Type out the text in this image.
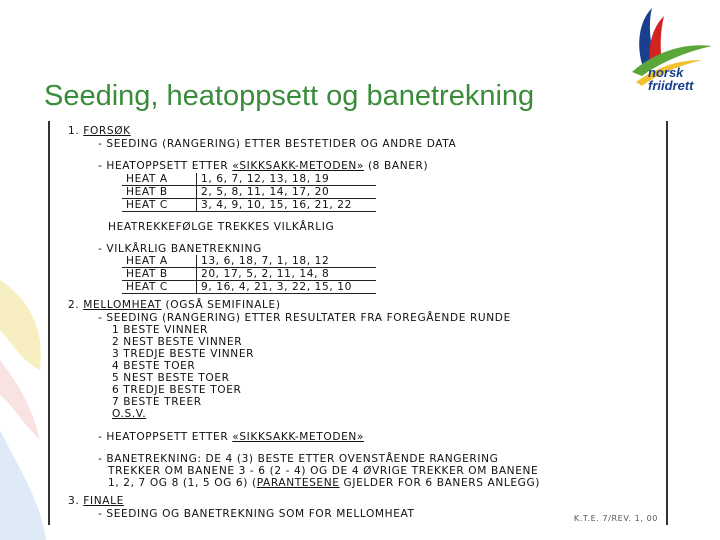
Seeding, heatoppsett og banetrekning
norsk
friidrett
1. FORSØK
- SEEDING (RANGERING) ETTER BESTETIDER OG ANDRE DATA
- HEATOPPSETT ETTER «SIKKSAKK-METODEN» (8 BANER)
HEAT A	1, 6, 7, 12, 13, 18, 19
HEAT B	2, 5, 8, 11, 14, 17, 20
HEAT C	3, 4, 9, 10, 15, 16, 21, 22
HEATREKKEFØLGE TREKKES VILKÅRLIG
- VILKÅRLIG BANETREKNING
HEAT A	13, 6, 18, 7, 1, 18, 12
HEAT B	20, 17, 5, 2, 11, 14, 8
HEAT C	9, 16, 4, 21, 3, 22, 15, 10
2. MELLOMHEAT (OGSÅ SEMIFINALE)
- SEEDING (RANGERING) ETTER RESULTATER FRA FOREGÅENDE RUNDE
1 BESTE VINNER
2 NEST BESTE VINNER
3 TREDJE BESTE VINNER
4 BESTE TOER
5 NEST BESTE TOER
6 TREDJE BESTE TOER
7 BESTE TREER
O.S.V.
- HEATOPPSETT ETTER «SIKKSAKK-METODEN»
- BANETREKNING: DE 4 (3) BESTE ETTER OVENSTÅENDE RANGERING
TREKKER OM BANENE 3 - 6 (2 - 4) OG DE 4 ØVRIGE TREKKER OM BANENE
1, 2, 7 OG 8 (1, 5 OG 6) (PARANTESENE GJELDER FOR 6 BANERS ANLEGG)
3. FINALE
- SEEDING OG BANETREKNING SOM FOR MELLOMHEAT	K.T.E. 7/REV. 1, 00
